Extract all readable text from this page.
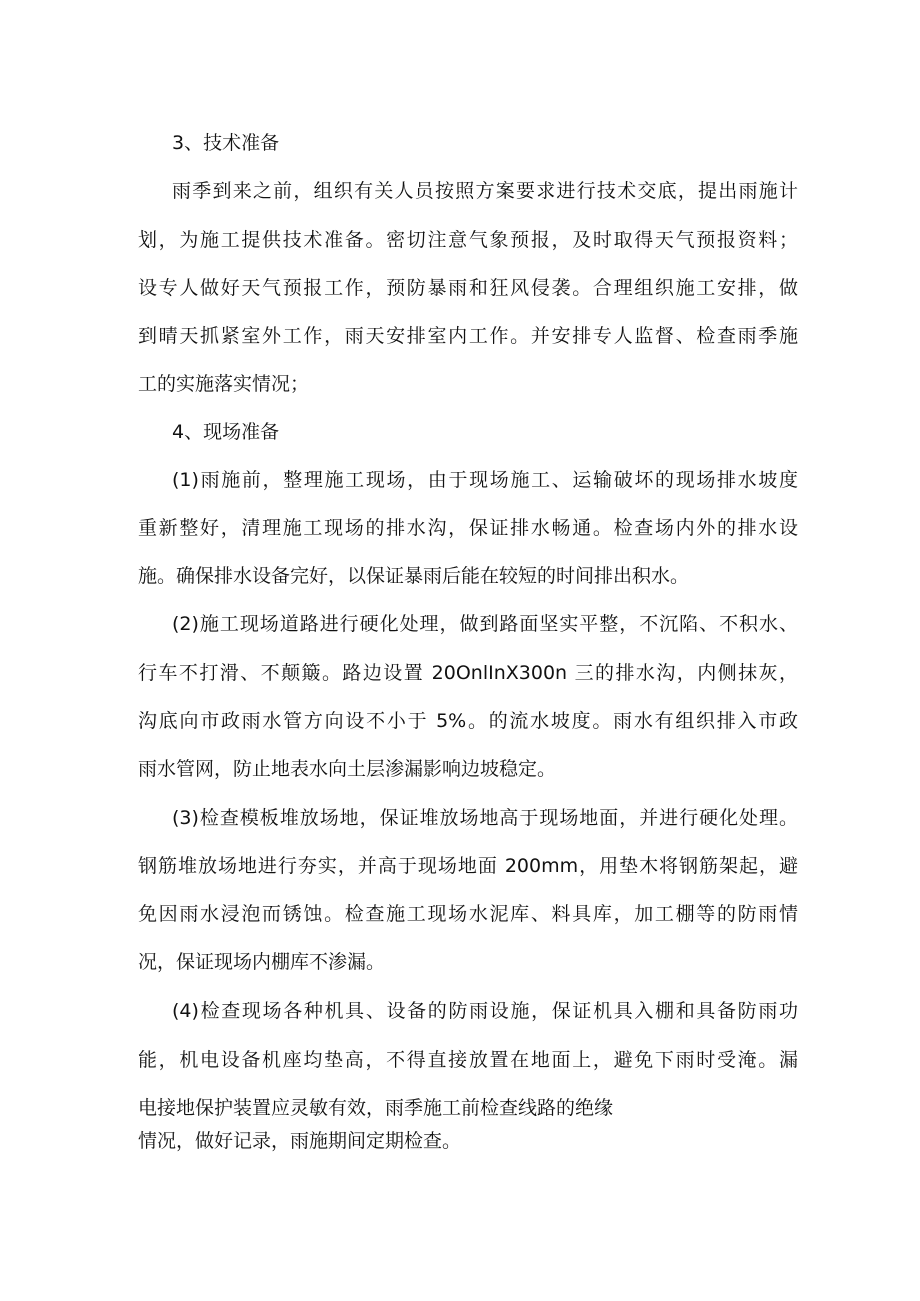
3、技术准备
雨季到来之前，组织有关人员按照方案要求进行技术交底，提出雨施计
划，为施工提供技术准备。密切注意气象预报，及时取得天气预报资料；
设专人做好天气预报工作，预防暴雨和狂风侵袭。合理组织施工安排，做
到晴天抓紧室外工作，雨天安排室内工作。并安排专人监督、检查雨季施
工的实施落实情况；
4、现场准备
(1)雨施前，整理施工现场，由于现场施工、运输破坏的现场排水坡度
重新整好，清理施工现场的排水沟，保证排水畅通。检查场内外的排水设
施。确保排水设备完好，以保证暴雨后能在较短的时间排出积水。
(2)施工现场道路进行硬化处理，做到路面坚实平整，不沉陷、不积水、
行车不打滑、不颠簸。路边设置 20OnlInX300n 三的排水沟，内侧抹灰，
沟底向市政雨水管方向设不小于 5%。的流水坡度。雨水有组织排入市政
雨水管网，防止地表水向土层渗漏影响边坡稳定。
(3)检查模板堆放场地，保证堆放场地高于现场地面，并进行硬化处理。
钢筋堆放场地进行夯实，并高于现场地面 200mm，用垫木将钢筋架起，避
免因雨水浸泡而锈蚀。检查施工现场水泥库、料具库，加工棚等的防雨情
况，保证现场内棚库不渗漏。
(4)检查现场各种机具、设备的防雨设施，保证机具入棚和具备防雨功
能，机电设备机座均垫高，不得直接放置在地面上，避免下雨时受淹。漏
电接地保护装置应灵敏有效，雨季施工前检查线路的绝缘
情况，做好记录，雨施期间定期检查。
